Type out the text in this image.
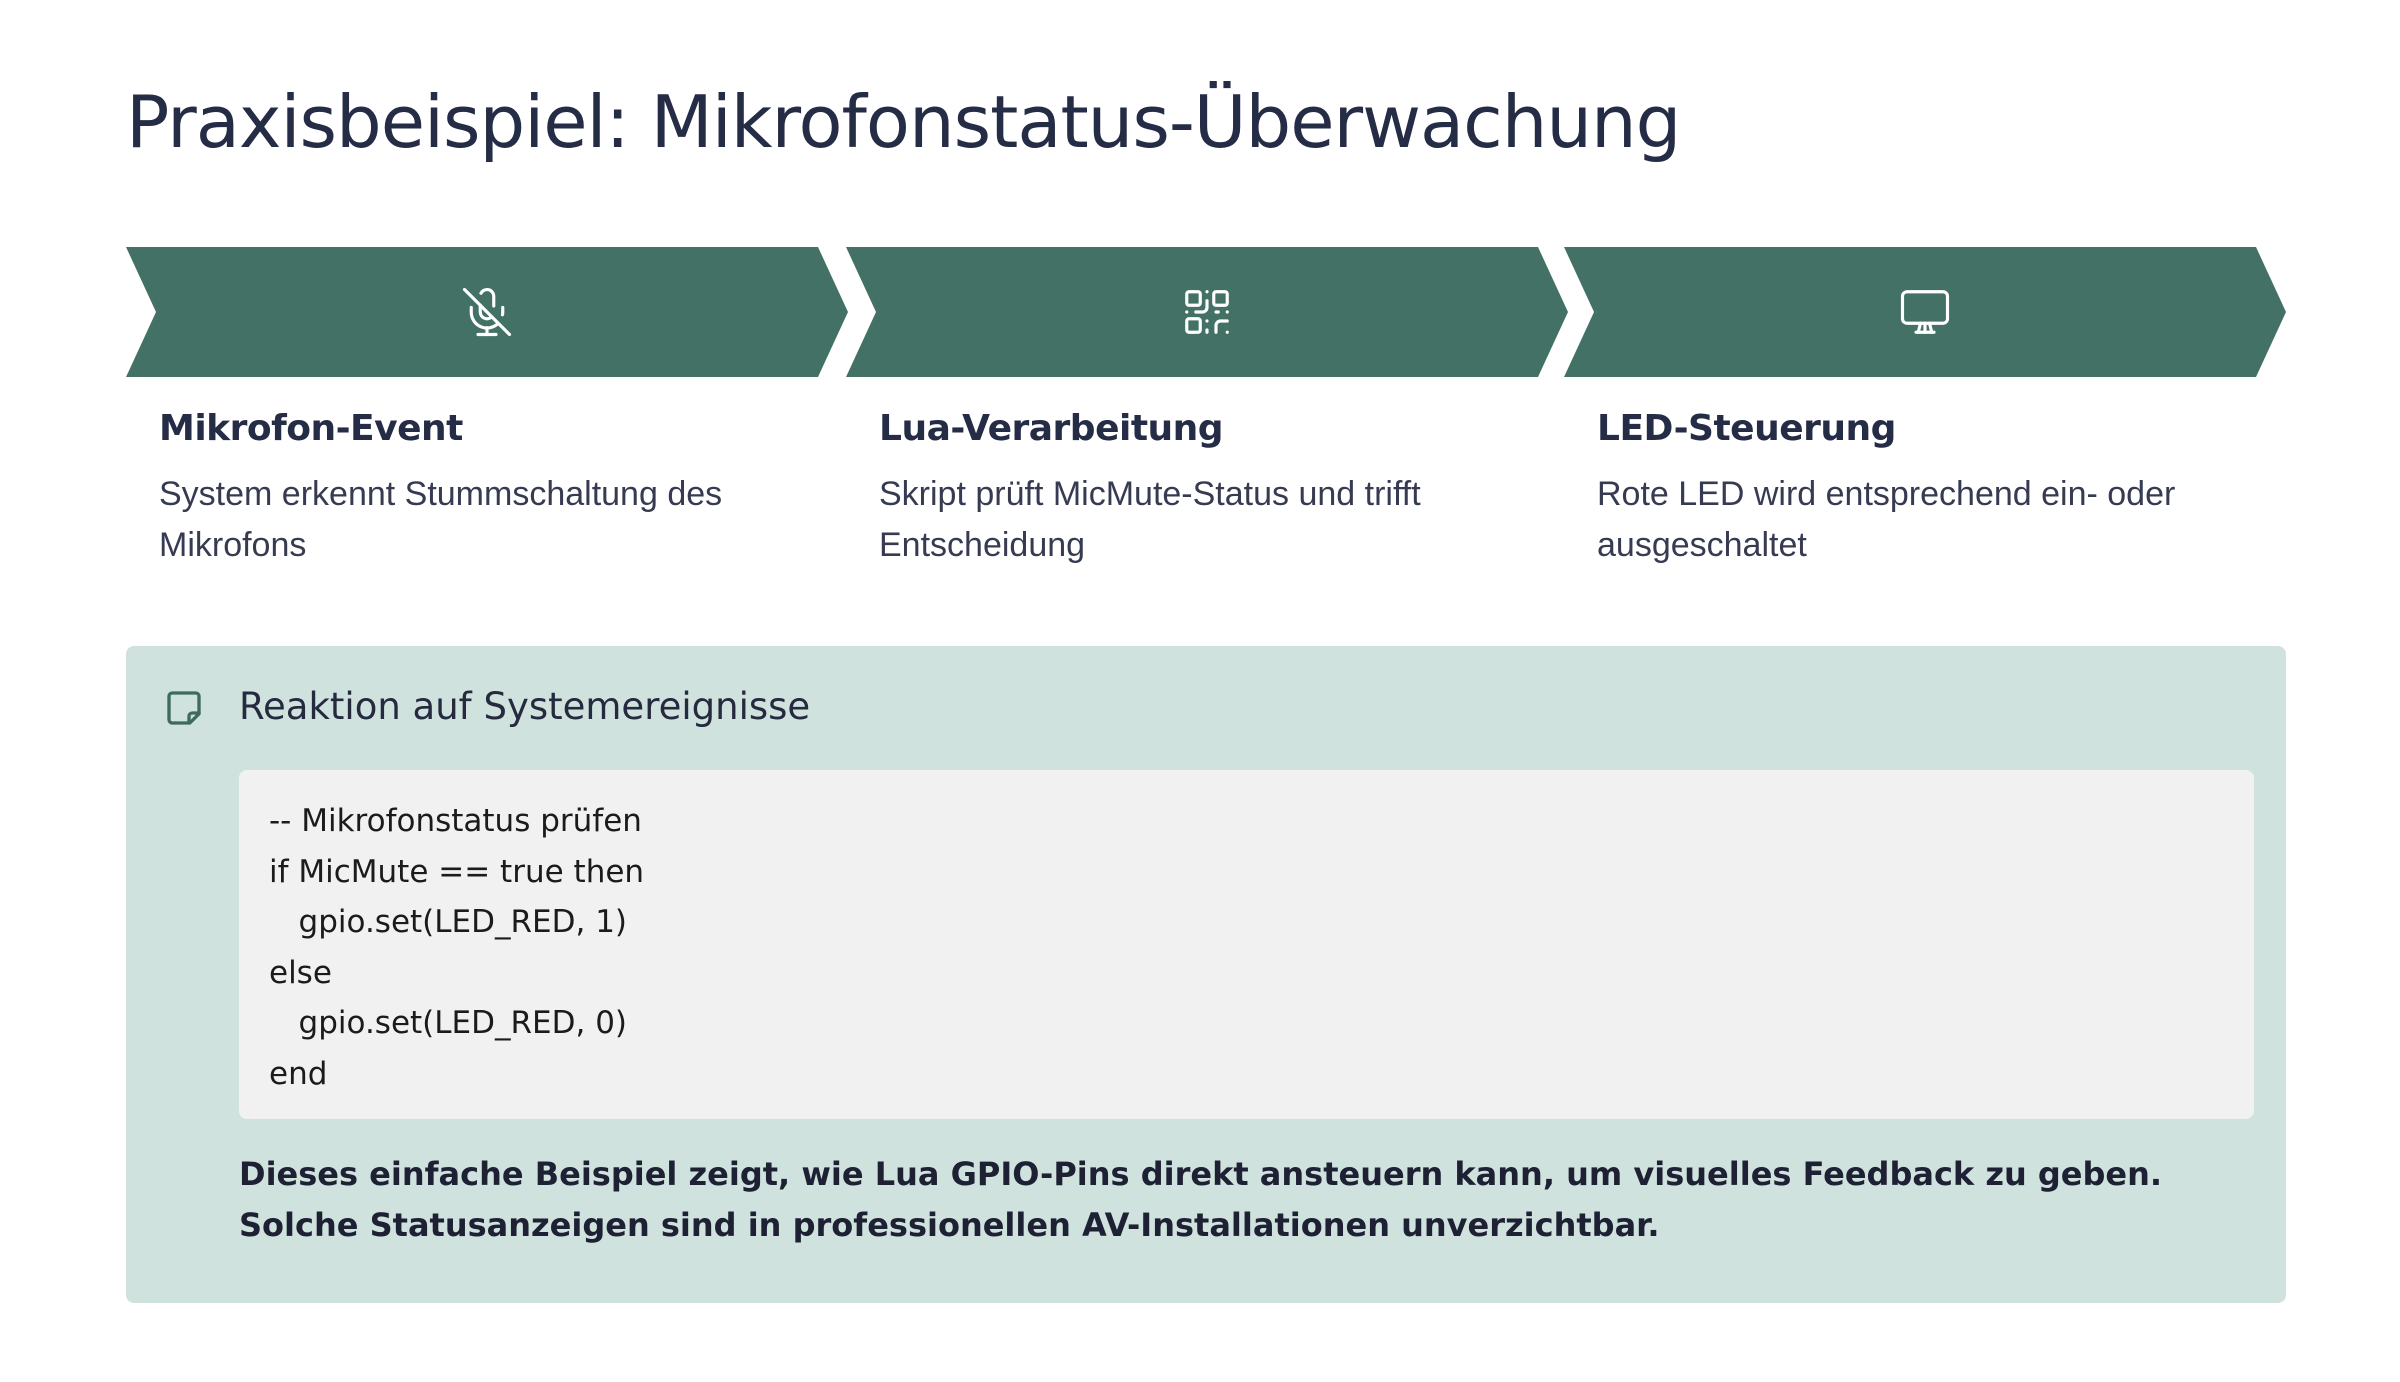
Praxisbeispiel: Mikrofonstatus-Überwachung
Mikrofon-Event

System erkennt Stummschaltung des Mikrofons

Lua-Verarbeitung

Skript prüft MicMute-Status und trifft Entscheidung

LED-Steuerung

Rote LED wird entsprechend ein- oder ausgeschaltet

Reaktion auf Systemereignisse
-- Mikrofonstatus prüfen
if MicMute == true then
gpio.set(LED_RED, 1)
else
gpio.set(LED_RED, 0)
end

Dieses einfache Beispiel zeigt, wie Lua GPIO-Pins direkt ansteuern kann, um visuelles Feedback zu geben. Solche Statusanzeigen sind in professionellen AV-Installationen unverzichtbar.
